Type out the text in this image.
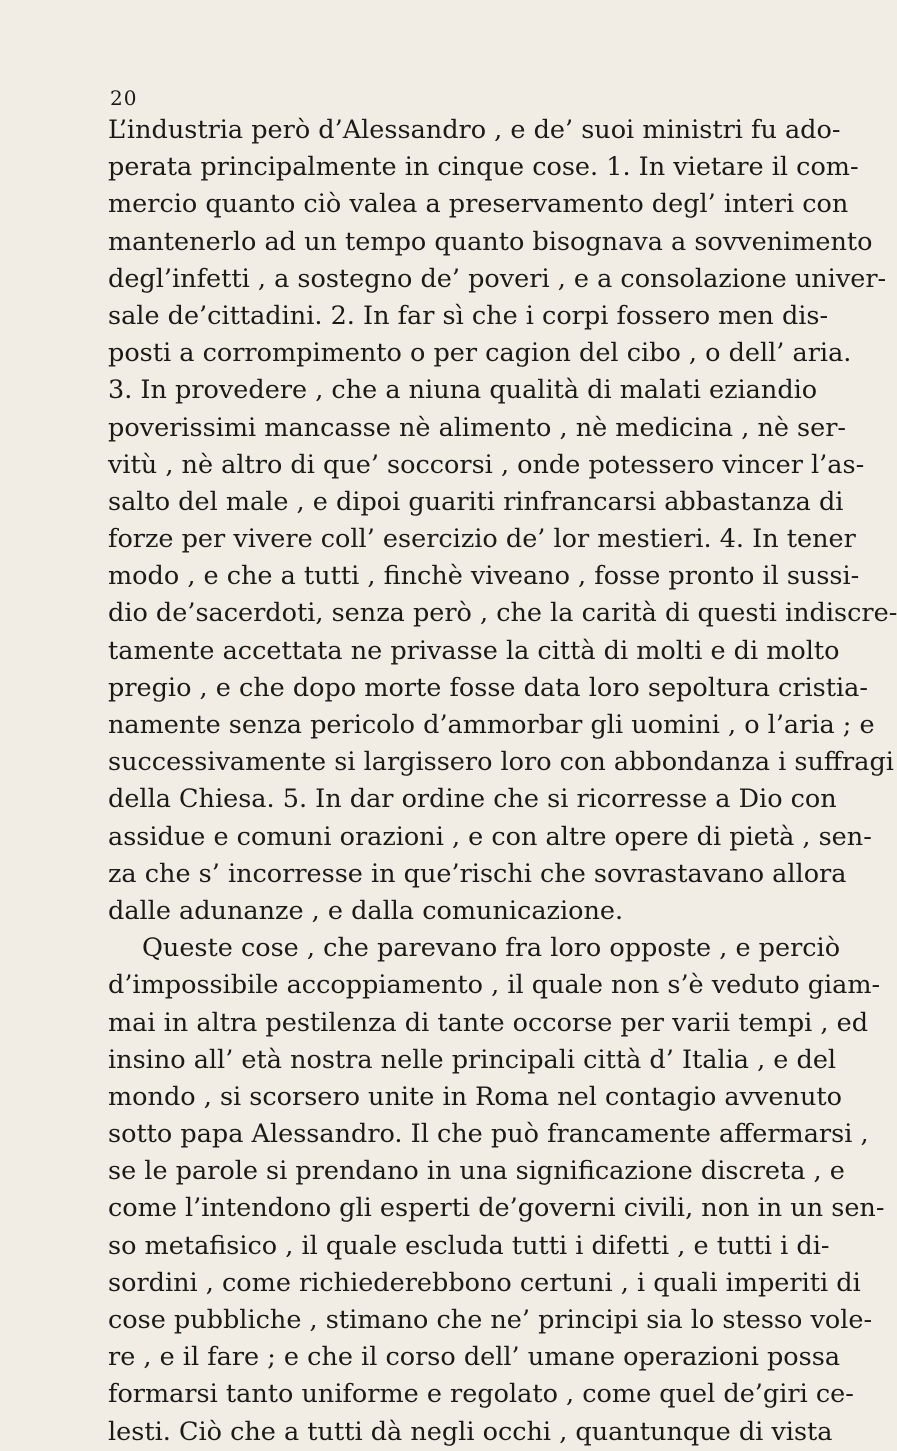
20
L’industria però d’Alessandro , e de’ suoi ministri fu ado-
perata principalmente in cinque cose. 1. In vietare il com-
mercio quanto ciò valea a preservamento degl’ interi con
mantenerlo ad un tempo quanto bisognava a sovvenimento
degl’infetti , a sostegno de’ poveri , e a consolazione univer-
sale de’cittadini. 2. In far sì che i corpi fossero men dis-
posti a corrompimento o per cagion del cibo , o dell’ aria.
3. In provedere , che a niuna qualità di malati eziandio
poverissimi mancasse nè alimento , nè medicina , nè ser-
vitù , nè altro di que’ soccorsi , onde potessero vincer l’as-
salto del male , e dipoi guariti rinfrancarsi abbastanza di
forze per vivere coll’ esercizio de’ lor mestieri. 4. In tener
modo , e che a tutti , finchè viveano , fosse pronto il sussi-
dio de’sacerdoti, senza però , che la carità di questi indiscre-
tamente accettata ne privasse la città di molti e di molto
pregio , e che dopo morte fosse data loro sepoltura cristia-
namente senza pericolo d’ammorbar gli uomini , o l’aria ; e
successivamente si largissero loro con abbondanza i suffragi
della Chiesa. 5. In dar ordine che si ricorresse a Dio con
assidue e comuni orazioni , e con altre opere di pietà , sen-
za che s’ incorresse in que’rischi che sovrastavano allora
dalle adunanze , e dalla comunicazione.
Queste cose , che parevano fra loro opposte , e perciò
d’impossibile accoppiamento , il quale non s’è veduto giam-
mai in altra pestilenza di tante occorse per varii tempi , ed
insino all’ età nostra nelle principali città d’ Italia , e del
mondo , si scorsero unite in Roma nel contagio avvenuto
sotto papa Alessandro. Il che può francamente affermarsi ,
se le parole si prendano in una significazione discreta , e
come l’intendono gli esperti de’governi civili, non in un sen-
so metafisico , il quale escluda tutti i difetti , e tutti i di-
sordini , come richiederebbono certuni , i quali imperiti di
cose pubbliche , stimano che ne’ principi sia lo stesso vole-
re , e il fare ; e che il corso dell’ umane operazioni possa
formarsi tanto uniforme e regolato , come quel de’giri ce-
lesti. Ciò che a tutti dà negli occhi , quantunque di vista
